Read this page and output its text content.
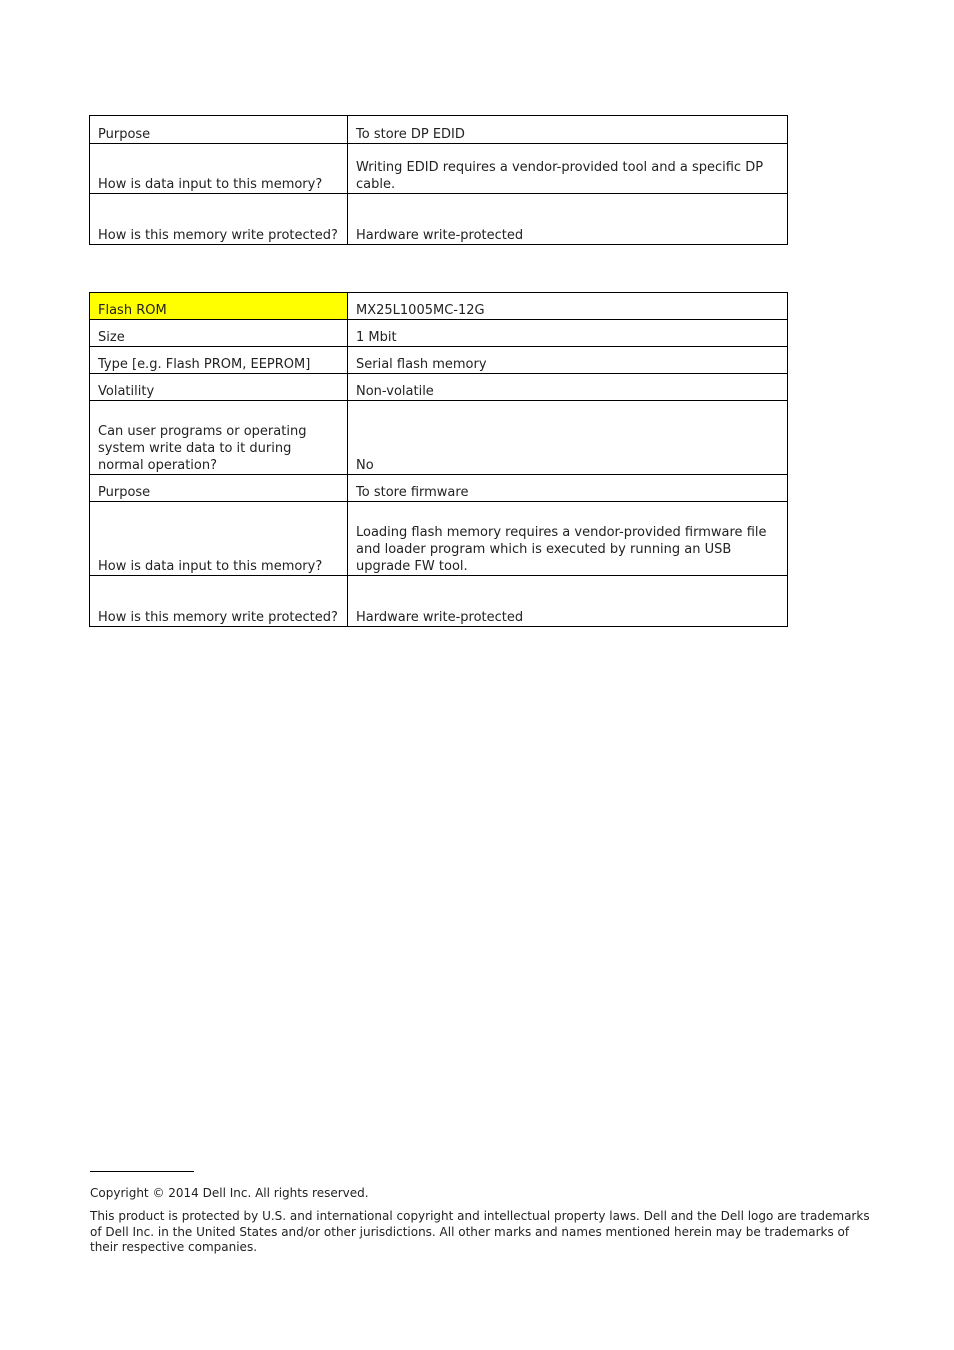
Purpose	To store DP EDID
How is data input to this memory?	Writing EDID requires a vendor-provided tool and a specific DP cable.
How is this memory write protected?	Hardware write-protected
Flash ROM	MX25L1005MC-12G
Size	1 Mbit
Type [e.g. Flash PROM, EEPROM]	Serial flash memory
Volatility	Non-volatile
Can user programs or operating system write data to it during normal operation?	No
Purpose	To store firmware
How is data input to this memory?	Loading flash memory requires a vendor-provided firmware file and loader program which is executed by running an USB upgrade FW tool.
How is this memory write protected?	Hardware write-protected

Copyright © 2014 Dell Inc. All rights reserved.

This product is protected by U.S. and international copyright and intellectual property laws. Dell and the Dell logo are trademarks of Dell Inc. in the United States and/or other jurisdictions. All other marks and names mentioned herein may be trademarks of their respective companies.
